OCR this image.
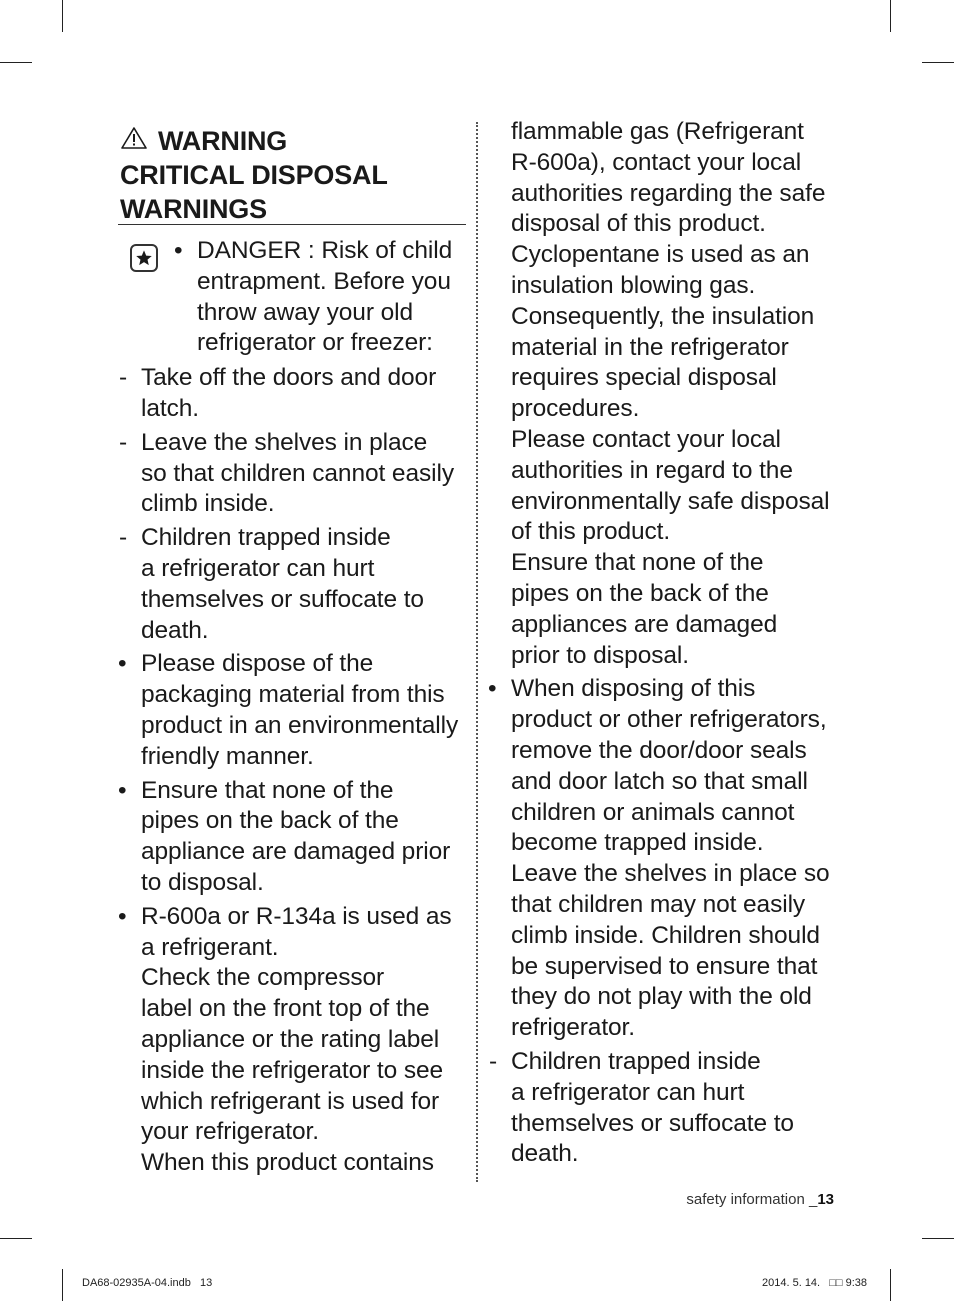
WARNING
CRITICAL DISPOSAL
WARNINGS
• DANGER : Risk of child
entrapment. Before you
throw away your old
refrigerator or freezer:
- Take off the doors and door
latch.
- Leave the shelves in place
so that children cannot easily
climb inside.
- Children trapped inside
a refrigerator can hurt
themselves or suffocate to
death.
• Please dispose of the
packaging material from this
product in an environmentally
friendly manner.
• Ensure that none of the
pipes on the back of the
appliance are damaged prior
to disposal.
• R-600a or R-134a is used as
a refrigerant.
Check the compressor
label on the front top of the
appliance or the rating label
inside the refrigerator to see
which refrigerant is used for
your refrigerator.
When this product contains
flammable gas (Refrigerant
R-600a), contact your local
authorities regarding the safe
disposal of this product.
Cyclopentane is used as an
insulation blowing gas.
Consequently, the insulation
material in the refrigerator
requires special disposal
procedures.
Please contact your local
authorities in regard to the
environmentally safe disposal
of this product.
Ensure that none of the
pipes on the back of the
appliances are damaged
prior to disposal.
• When disposing of this
product or other refrigerators,
remove the door/door seals
and door latch so that small
children or animals cannot
become trapped inside.
Leave the shelves in place so
that children may not easily
climb inside. Children should
be supervised to ensure that
they do not play with the old
refrigerator.
- Children trapped inside
a refrigerator can hurt
themselves or suffocate to
death.
safety information _13
DA68-02935A-04.indb   13	2014. 5. 14.   □□ 9:38
